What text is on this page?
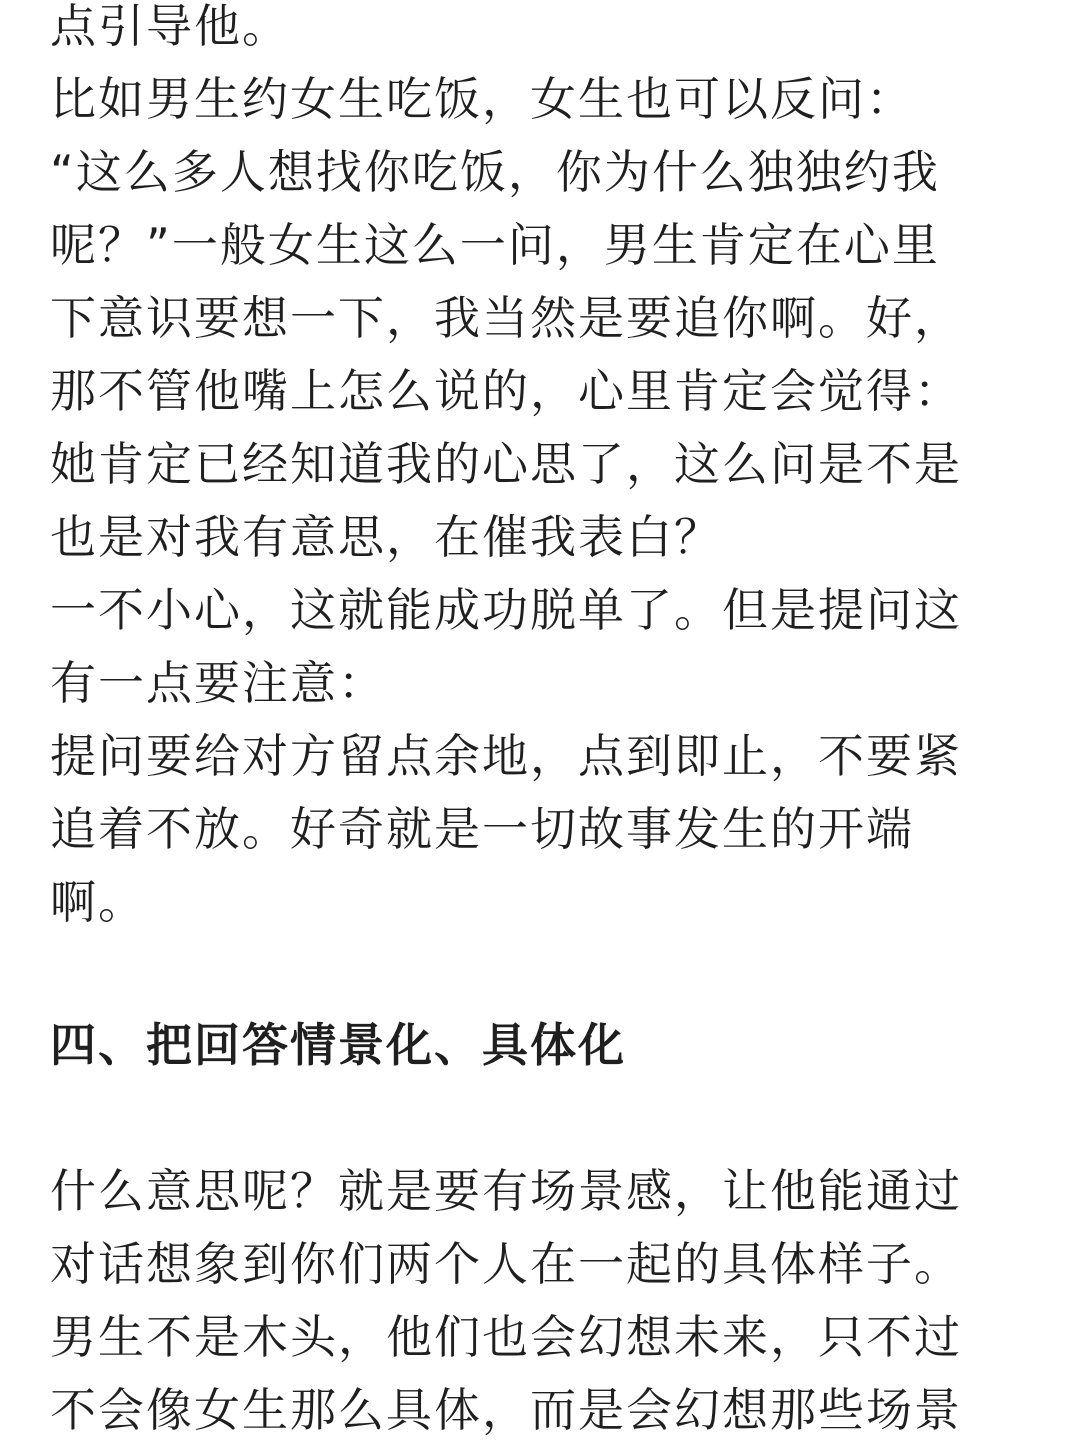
点引导他。
比如男生约女生吃饭，女生也可以反问：
“这么多人想找你吃饭，你为什么独独约我
呢？”一般女生这么一问，男生肯定在心里
下意识要想一下，我当然是要追你啊。好，
那不管他嘴上怎么说的，心里肯定会觉得：
她肯定已经知道我的心思了，这么问是不是
也是对我有意思，在催我表白？
一不小心，这就能成功脱单了。但是提问这
有一点要注意：
提问要给对方留点余地，点到即止，不要紧
追着不放。好奇就是一切故事发生的开端
啊。
四、把回答情景化、具体化
什么意思呢？就是要有场景感，让他能通过
对话想象到你们两个人在一起的具体样子。
男生不是木头，他们也会幻想未来，只不过
不会像女生那么具体，而是会幻想那些场景
